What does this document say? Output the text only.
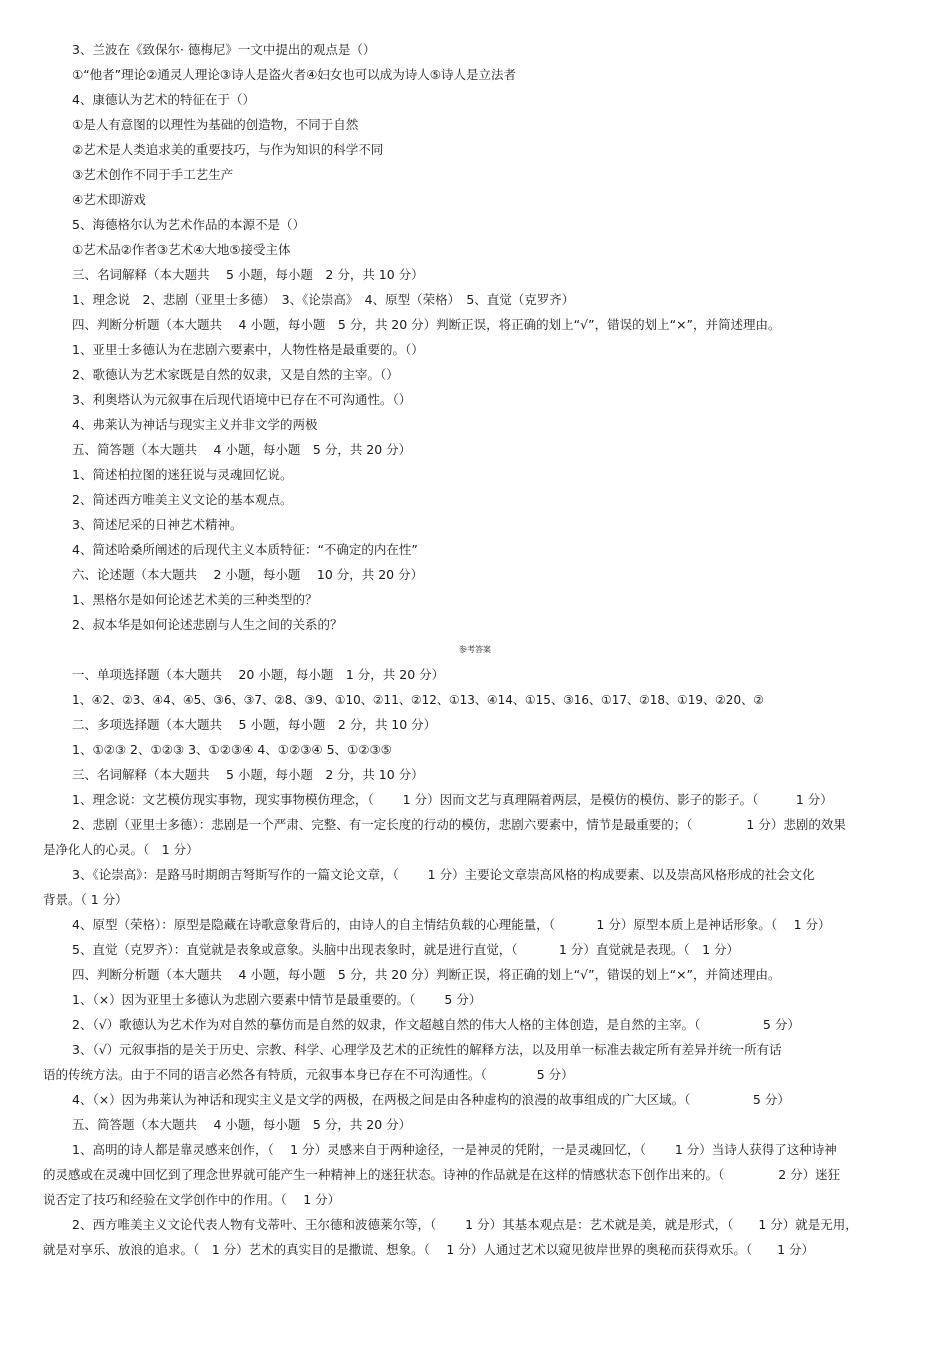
3、兰波在《致保尔· 德梅尼》一文中提出的观点是（）
①“他者”理论②通灵人理论③诗人是盗火者④妇女也可以成为诗人⑤诗人是立法者
4、康德认为艺术的特征在于（）
①是人有意图的以理性为基础的创造物，不同于自然
②艺术是人类追求美的重要技巧，与作为知识的科学不同
③艺术创作不同于手工艺生产
④艺术即游戏
5、海德格尔认为艺术作品的本源不是（）
①艺术品②作者③艺术④大地⑤接受主体
三、名词解释（本大题共　 5 小题，每小题　2 分，共 10 分）
1、理念说　2、悲剧（亚里士多德）　3、《论崇高》　4、原型（荣格）　5、直觉（克罗齐）
四、判断分析题（本大题共　 4 小题，每小题　5 分，共 20 分）判断正误，将正确的划上“√”，错误的划上“×”，并简述理由。
1、亚里士多德认为在悲剧六要素中，人物性格是最重要的。（）
2、歌德认为艺术家既是自然的奴隶，又是自然的主宰。（）
3、利奥塔认为元叙事在后现代语境中已存在不可沟通性。（）
4、弗莱认为神话与现实主义并非文学的两极
五、简答题（本大题共　 4 小题，每小题　5 分，共 20 分）
1、简述柏拉图的迷狂说与灵魂回忆说。
2、简述西方唯美主义文论的基本观点。
3、简述尼采的日神艺术精神。
4、简述哈桑所阐述的后现代主义本质特征：“不确定的内在性”
六、论述题（本大题共　 2 小题，每小题　 10 分，共 20 分）
1、黑格尔是如何论述艺术美的三种类型的？
2、叔本华是如何论述悲剧与人生之间的关系的？
参考答案
一、单项选择题（本大题共　 20 小题，每小题　1 分，共 20 分）
1、④2、②3、④4、④5、③6、③7、②8、③9、①10、②11、②12、①13、④14、①15、③16、①17、②18、①19、②20、②
二、多项选择题（本大题共　 5 小题，每小题　2 分，共 10 分）
1、①②③ 2、①②③ 3、①②③④ 4、①②③④ 5、①②③⑤
三、名词解释（本大题共　 5 小题，每小题　2 分，共 10 分）
1、理念说：文艺模仿现实事物，现实事物模仿理念，（　　 1 分）因而文艺与真理隔着两层，是模仿的模仿、影子的影子。（　　　1 分）
2、悲剧（亚里士多德）：悲剧是一个严肃、完整、有一定长度的行动的模仿，悲剧六要素中，情节是最重要的；（　　　　 1 分）悲剧的效果
是净化人的心灵。（　1 分）
3、《论崇高》：是路马时期朗吉弩斯写作的一篇文论文章，（　　 1 分）主要论文章崇高风格的构成要素、以及崇高风格形成的社会文化
背景。（ 1 分）
4、原型（荣格）：原型是隐藏在诗歌意象背后的，由诗人的自主情结负载的心理能量，（　　　 1 分）原型本质上是神话形象。（　 1 分）
5、直觉（克罗齐）：直觉就是表象或意象。头脑中出现表象时，就是进行直觉，（　　　 1 分）直觉就是表现。（　1 分）
四、判断分析题（本大题共　 4 小题，每小题　5 分，共 20 分）判断正误，将正确的划上“√”，错误的划上“×”，并简述理由。
1、（×）因为亚里士多德认为悲剧六要素中情节是最重要的。（　　 5 分）
2、（√）歌德认为艺术作为对自然的摹仿而是自然的奴隶，作文超越自然的伟大人格的主体创造，是自然的主宰。（　　　　　5 分）
3、（√）元叙事指的是关于历史、宗教、科学、心理学及艺术的正统性的解释方法，以及用单一标准去裁定所有差异并统一所有话
语的传统方法。由于不同的语言必然各有特质，元叙事本身已存在不可沟通性。（　　　　5 分）
4、（×）因为弗莱认为神话和现实主义是文学的两极，在两极之间是由各种虚构的浪漫的故事组成的广大区域。（　　　　　5 分）
五、简答题（本大题共　 4 小题，每小题　5 分，共 20 分）
1、高明的诗人都是靠灵感来创作，（　 1 分）灵感来自于两种途径，一是神灵的凭附，一是灵魂回忆，（　　 1 分）当诗人获得了这种诗神
的灵感或在灵魂中回忆到了理念世界就可能产生一种精神上的迷狂状态。诗神的作品就是在这样的情感状态下创作出来的。（　　　　 2 分）迷狂
说否定了技巧和经验在文学创作中的作用。（　 1 分）
2、西方唯美主义文论代表人物有戈蒂叶、王尔德和波德莱尔等，（　　 1 分）其基本观点是：艺术就是美，就是形式，（　　1 分）就是无用，
就是对享乐、放浪的追求。（　1 分）艺术的真实目的是撒谎、想象。（　 1 分）人通过艺术以窥见彼岸世界的奥秘而获得欢乐。（　　1 分）
